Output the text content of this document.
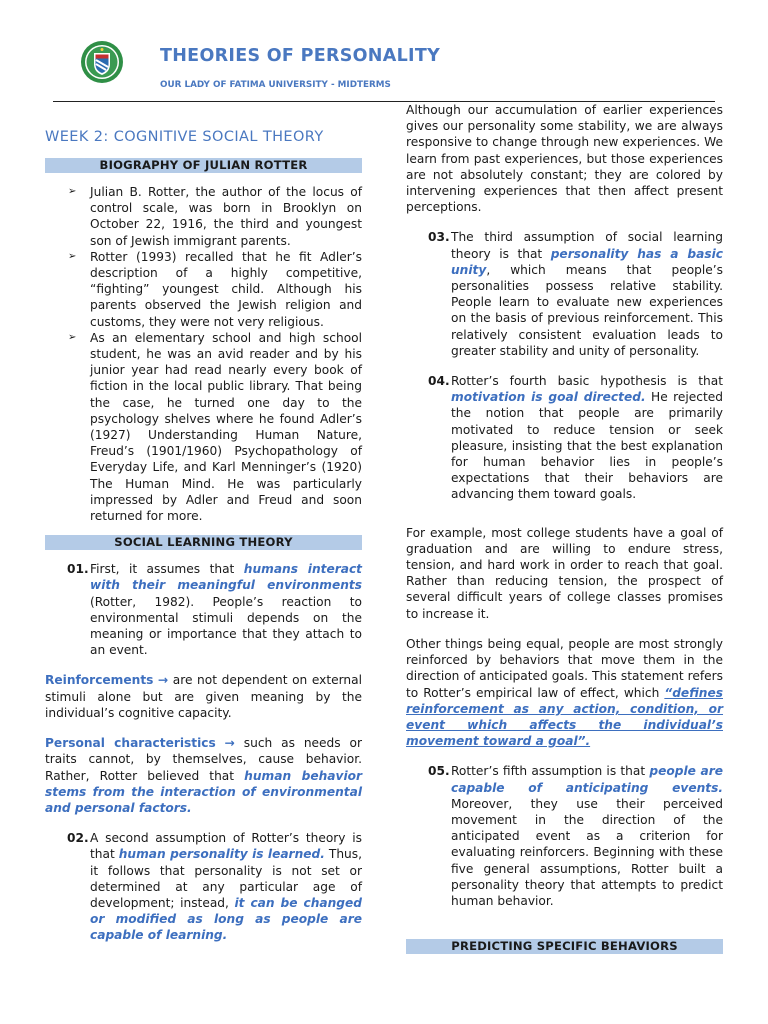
THEORIES OF PERSONALITY
OUR LADY OF FATIMA UNIVERSITY - MIDTERMS
WEEK 2: COGNITIVE SOCIAL THEORY
BIOGRAPHY OF JULIAN ROTTER
➢ Julian B. Rotter, the author of the locus of control scale, was born in Brooklyn on October 22, 1916, the third and youngest son of Jewish immigrant parents.
➢ Rotter (1993) recalled that he fit Adler’s description of a highly competitive, “fighting” youngest child. Although his parents observed the Jewish religion and customs, they were not very religious.
➢ As an elementary school and high school student, he was an avid reader and by his junior year had read nearly every book of fiction in the local public library. That being the case, he turned one day to the psychology shelves where he found Adler’s (1927) Understanding Human Nature, Freud’s (1901/1960) Psychopathology of Everyday Life, and Karl Menninger’s (1920) The Human Mind. He was particularly impressed by Adler and Freud and soon returned for more.
SOCIAL LEARNING THEORY
01. First, it assumes that humans interact with their meaningful environments (Rotter, 1982). People’s reaction to environmental stimuli depends on the meaning or importance that they attach to an event.

Reinforcements → are not dependent on external stimuli alone but are given meaning by the individual’s cognitive capacity.

Personal characteristics → such as needs or traits cannot, by themselves, cause behavior. Rather, Rotter believed that human behavior stems from the interaction of environmental and personal factors.

02. A second assumption of Rotter’s theory is that human personality is learned. Thus, it follows that personality is not set or determined at any particular age of development; instead, it can be changed or modified as long as people are capable of learning.

Although our accumulation of earlier experiences gives our personality some stability, we are always responsive to change through new experiences. We learn from past experiences, but those experiences are not absolutely constant; they are colored by intervening experiences that then affect present perceptions.

03. The third assumption of social learning theory is that personality has a basic unity, which means that people’s personalities possess relative stability. People learn to evaluate new experiences on the basis of previous reinforcement. This relatively consistent evaluation leads to greater stability and unity of personality.
04. Rotter’s fourth basic hypothesis is that motivation is goal directed. He rejected the notion that people are primarily motivated to reduce tension or seek pleasure, insisting that the best explanation for human behavior lies in people’s expectations that their behaviors are advancing them toward goals.

For example, most college students have a goal of graduation and are willing to endure stress, tension, and hard work in order to reach that goal. Rather than reducing tension, the prospect of several difficult years of college classes promises to increase it.

Other things being equal, people are most strongly reinforced by behaviors that move them in the direction of anticipated goals. This statement refers to Rotter’s empirical law of effect, which “defines reinforcement as any action, condition, or event which affects the individual’s movement toward a goal”.

05. Rotter’s fifth assumption is that people are capable of anticipating events. Moreover, they use their perceived movement in the direction of the anticipated event as a criterion for evaluating reinforcers. Beginning with these five general assumptions, Rotter built a personality theory that attempts to predict human behavior.
PREDICTING SPECIFIC BEHAVIORS
